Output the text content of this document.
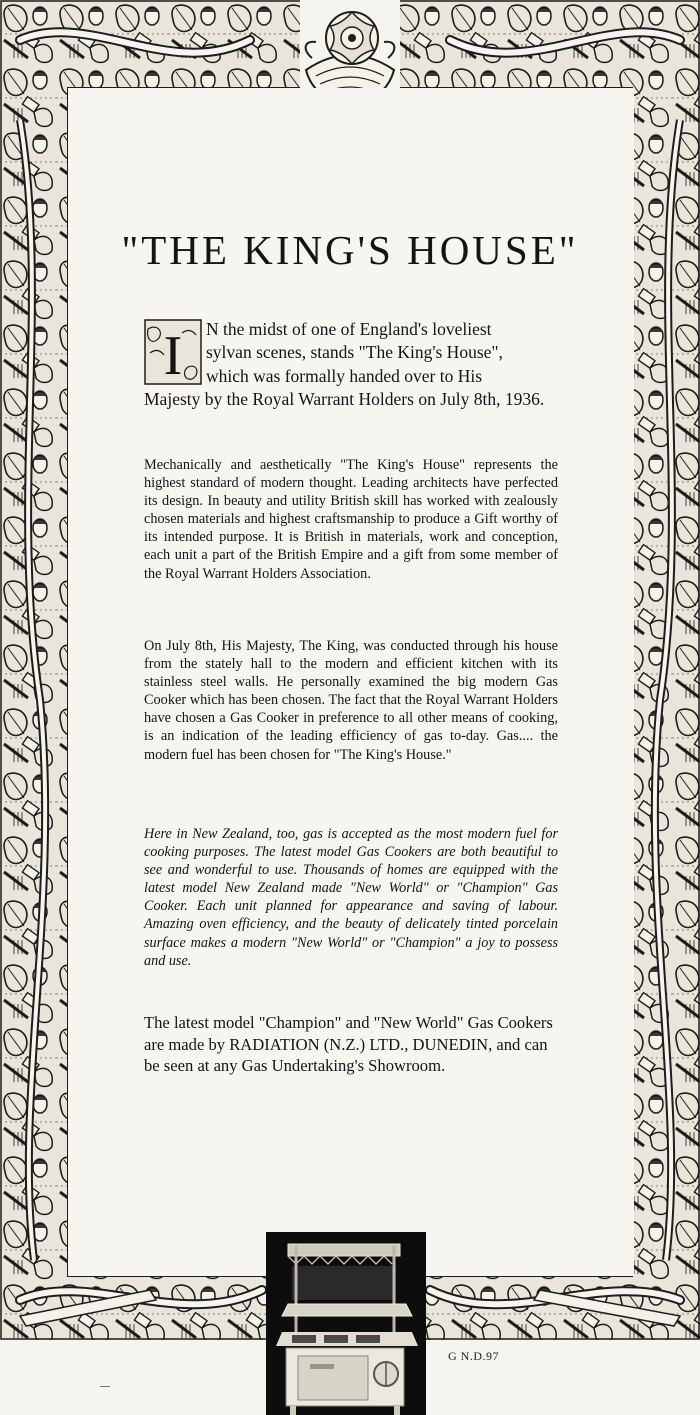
"THE KING'S HOUSE"
I	N the midst of one of England's loveliest
sylvan scenes, stands "The King's House",
which was formally handed over to His
Majesty by the Royal Warrant Holders on July 8th, 1936.

Mechanically and aesthetically "The King's House" represents the highest standard of modern thought. Leading architects have perfected its design. In beauty and utility British skill has worked with zealously chosen materials and highest craftsmanship to produce a Gift worthy of its intended purpose. It is British in materials, work and conception, each unit a part of the British Empire and a gift from some member of the Royal Warrant Holders Association.

On July 8th, His Majesty, The King, was conducted through his house from the stately hall to the modern and efficient kitchen with its stainless steel walls. He personally examined the big modern Gas Cooker which has been chosen. The fact that the Royal Warrant Holders have chosen a Gas Cooker in preference to all other means of cooking, is an indication of the leading efficiency of gas to-day. Gas.... the modern fuel has been chosen for "The King's House."

Here in New Zealand, too, gas is accepted as the most modern fuel for cooking purposes. The latest model Gas Cookers are both beautiful to see and wonderful to use. Thousands of homes are equipped with the latest model New Zealand made "New World" or "Champion" Gas Cooker. Each unit planned for appearance and saving of labour. Amazing oven efficiency, and the beauty of delicately tinted porcelain surface makes a modern "New World" or "Champion" a joy to possess and use.

The latest model "Champion" and "New World" Gas Cookers are made by RADIATION (N.Z.) LTD., DUNEDIN, and can be seen at any Gas Undertaking's Showroom.

G N.D.97
